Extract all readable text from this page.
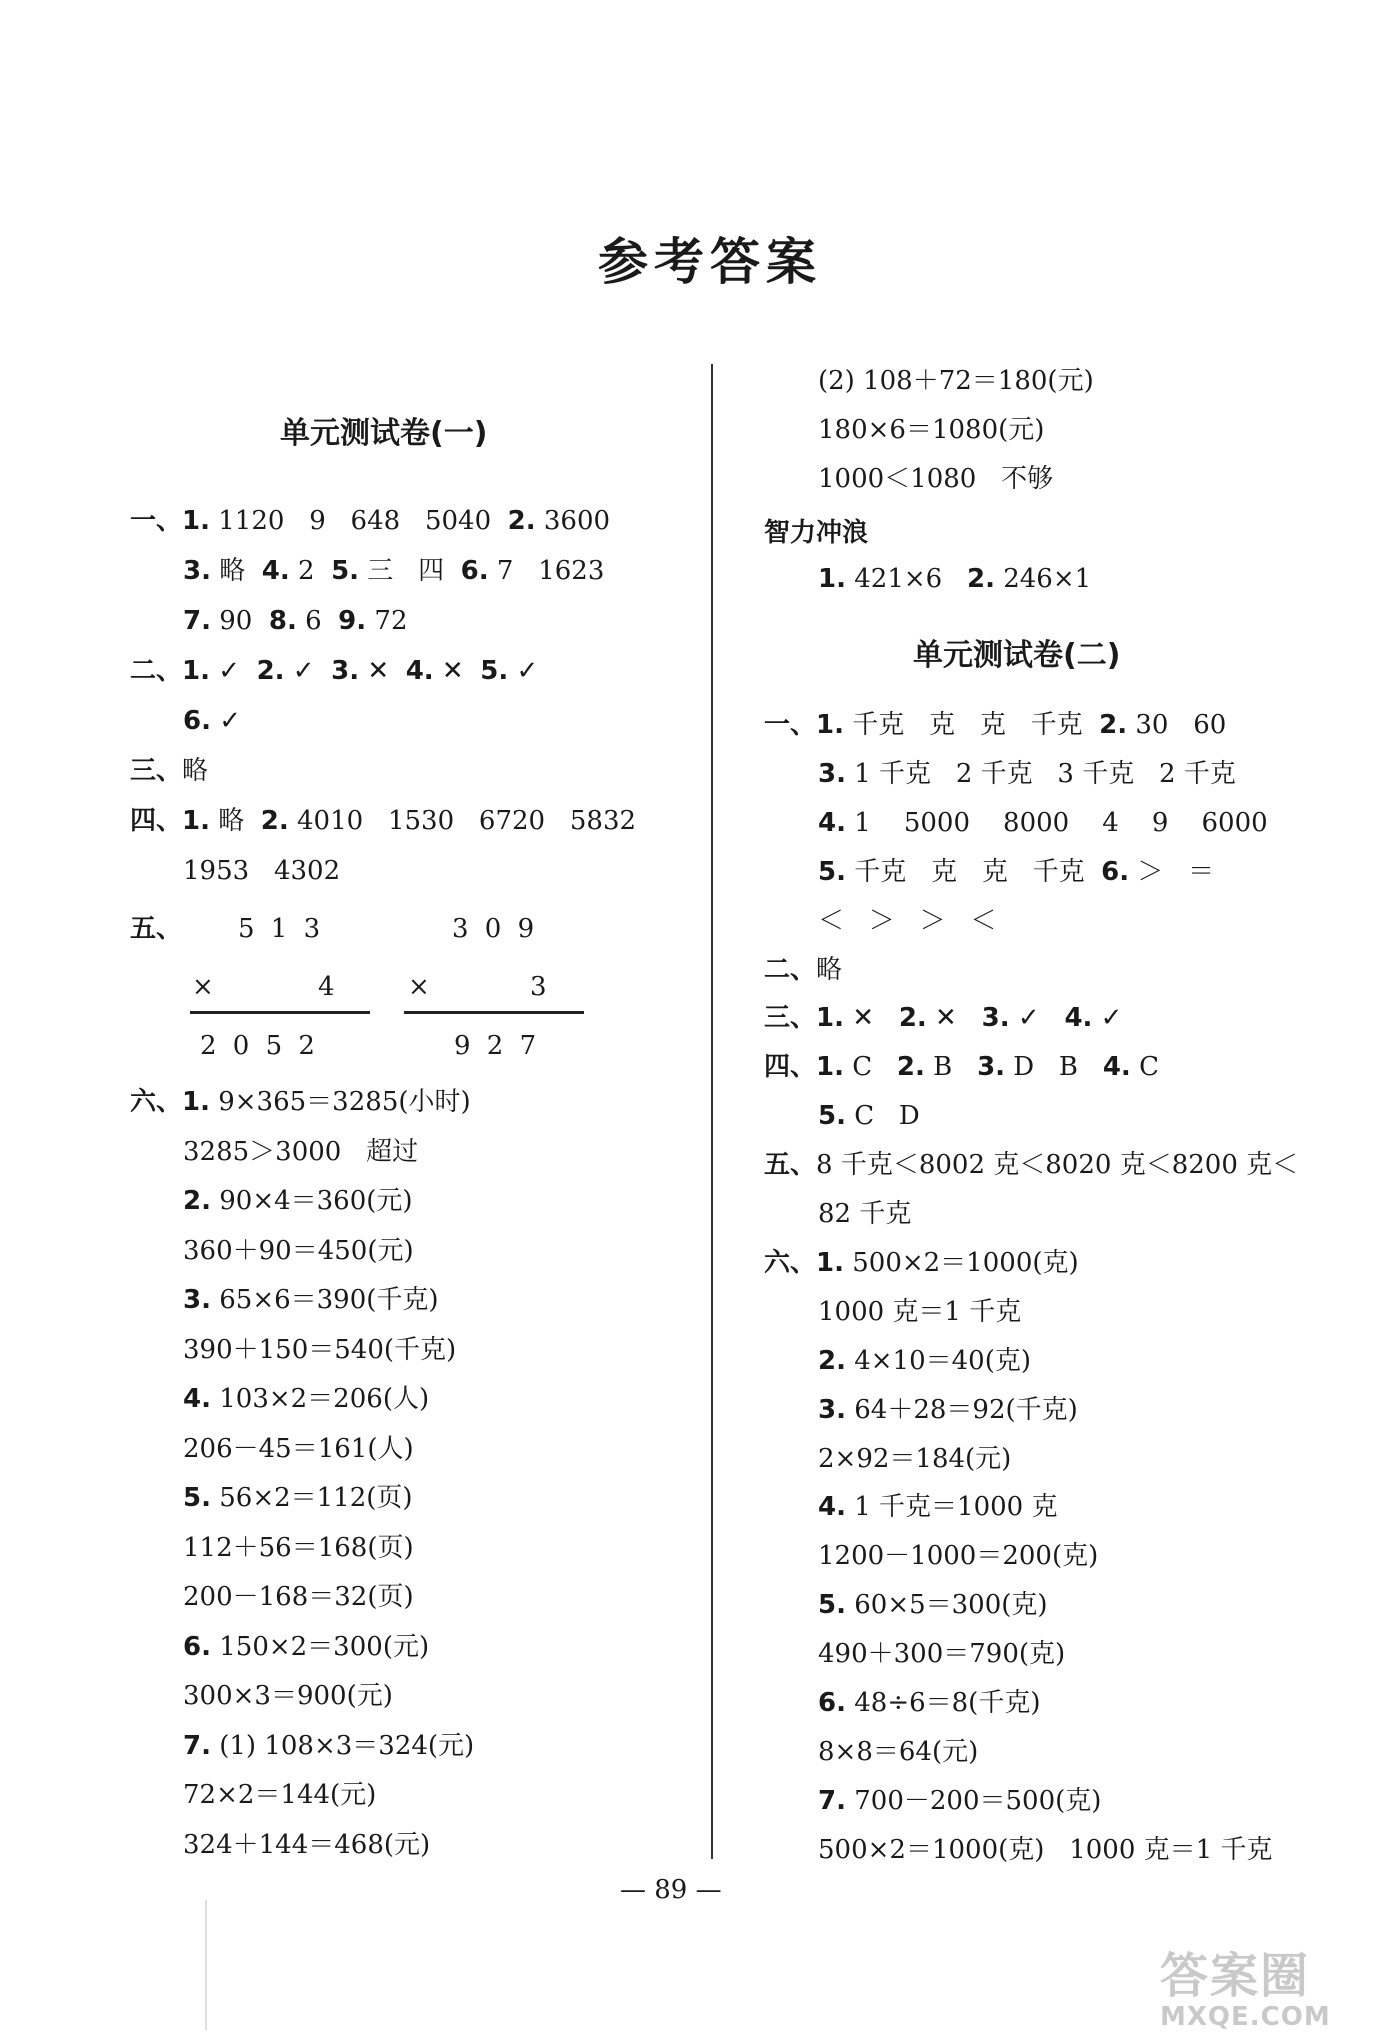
参考答案
单元测试卷(一)
一、1. 1120   9   648   5040  2. 3600
3. 略  4. 2  5. 三   四  6. 7   1623
7. 90  8. 6  9. 72
二、1. ✓  2. ✓  3. ✕  4. ✕  5. ✓
6. ✓
三、略
四、1. 略  2. 4010   1530   6720   5832
1953   4302
五、 5 1 3
×	4
2 0 5 2
3 0 9
×	3
9 2 7
六、1. 9×365＝3285(小时)
3285＞3000   超过
2. 90×4＝360(元)
360＋90＝450(元)
3. 65×6＝390(千克)
390＋150＝540(千克)
4. 103×2＝206(人)
206－45＝161(人)
5. 56×2＝112(页)
112＋56＝168(页)
200－168＝32(页)
6. 150×2＝300(元)
300×3＝900(元)
7. (1) 108×3＝324(元)
72×2＝144(元)
324＋144＝468(元)
(2) 108＋72＝180(元)
180×6＝1080(元)
1000＜1080   不够
智力冲浪
1. 421×6   2. 246×1
单元测试卷(二)
一、1. 千克   克   克   千克  2. 30   60
3. 1 千克   2 千克   3 千克   2 千克
4. 1    5000    8000    4    9    6000
5. 千克   克   克   千克  6. ＞   ＝
＜   ＞   ＞   ＜
二、略
三、1. ✕   2. ✕   3. ✓   4. ✓
四、1. C   2. B   3. D   B   4. C
5. C   D
五、8 千克＜8002 克＜8020 克＜8200 克＜
82 千克
六、1. 500×2＝1000(克)
1000 克＝1 千克
2. 4×10＝40(克)
3. 64＋28＝92(千克)
2×92＝184(元)
4. 1 千克＝1000 克
1200－1000＝200(克)
5. 60×5＝300(克)
490＋300＝790(克)
6. 48÷6＝8(千克)
8×8＝64(元)
7. 700－200＝500(克)
500×2＝1000(克)   1000 克＝1 千克
— 89 —
答案圈
MXQE.COM
